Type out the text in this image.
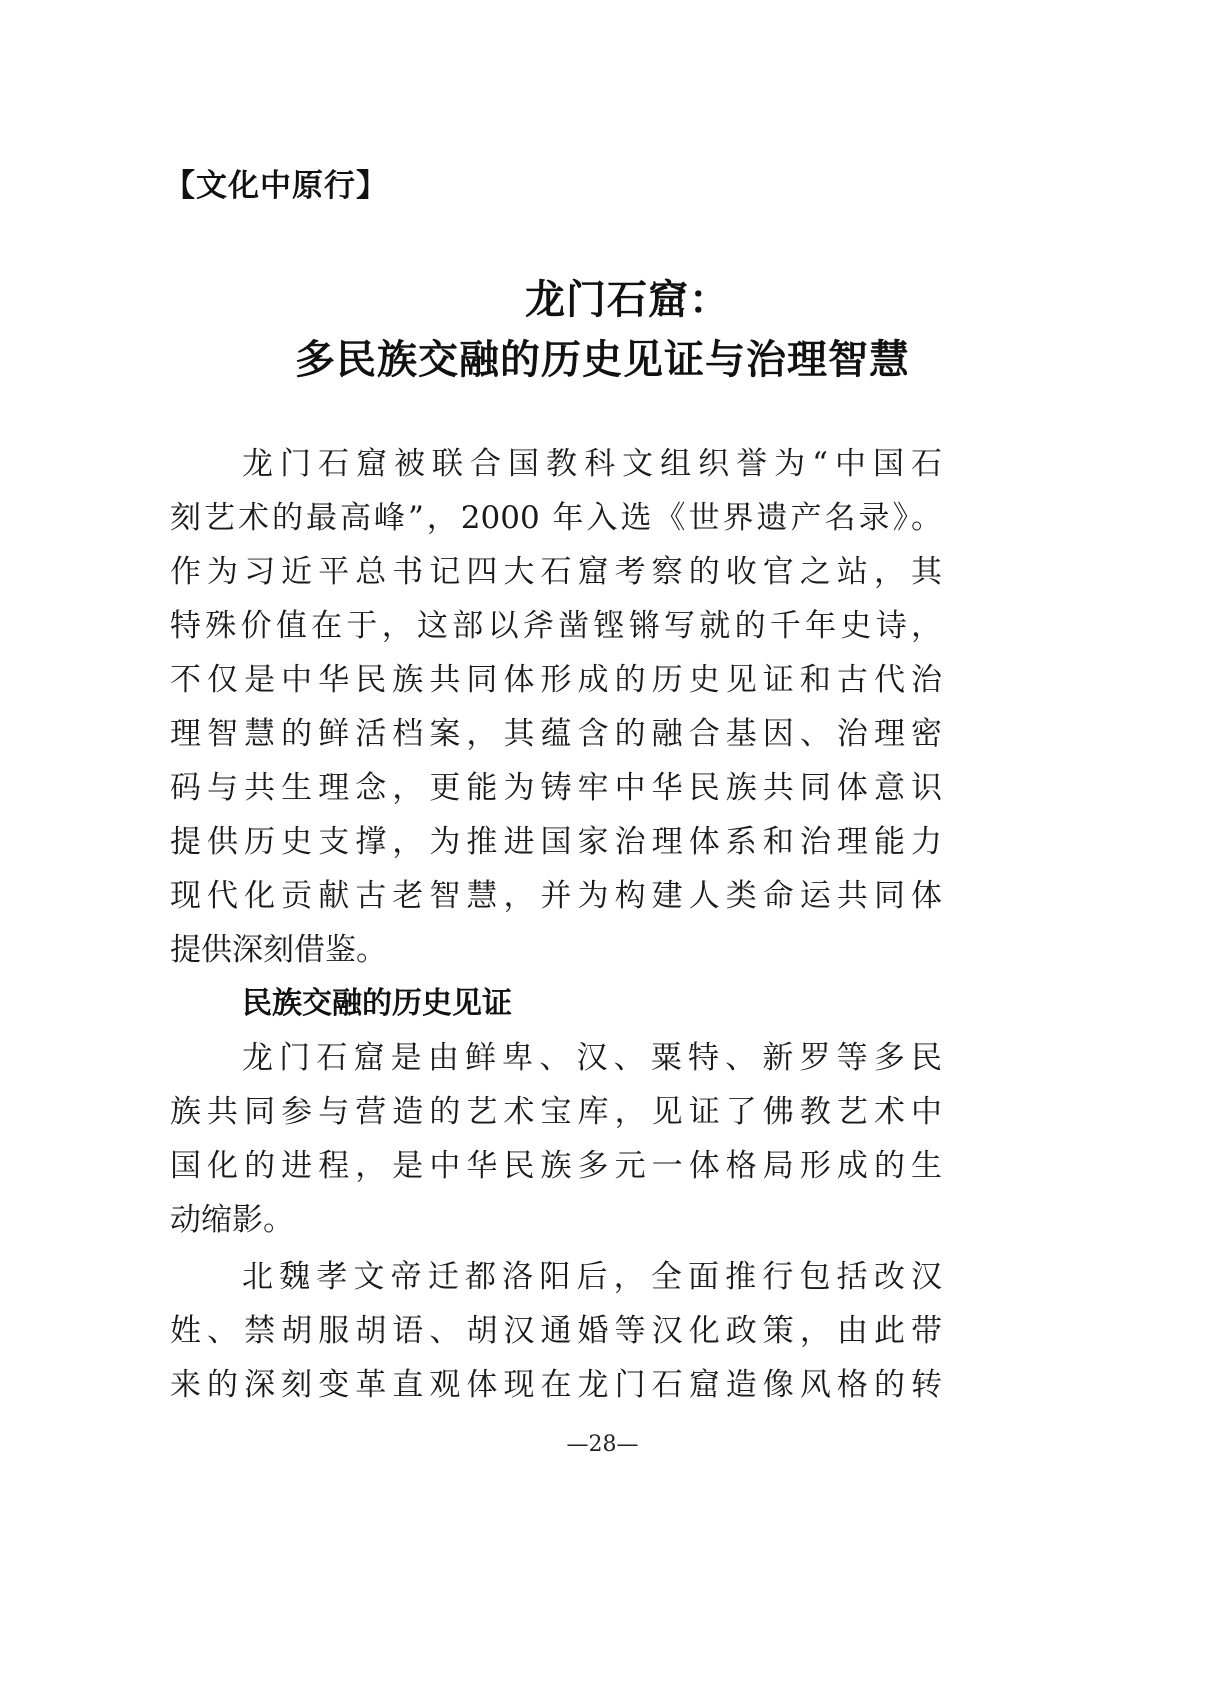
【文化中原行】
龙门石窟：
多民族交融的历史见证与治理智慧
龙门石窟被联合国教科文组织誉为“中国石
刻艺术的最高峰”，2000 年入选《世界遗产名录》。
作为习近平总书记四大石窟考察的收官之站，其
特殊价值在于，这部以斧凿铿锵写就的千年史诗，
不仅是中华民族共同体形成的历史见证和古代治
理智慧的鲜活档案，其蕴含的融合基因、治理密
码与共生理念，更能为铸牢中华民族共同体意识
提供历史支撑，为推进国家治理体系和治理能力
现代化贡献古老智慧，并为构建人类命运共同体
提供深刻借鉴。
民族交融的历史见证
龙门石窟是由鲜卑、汉、粟特、新罗等多民
族共同参与营造的艺术宝库，见证了佛教艺术中
国化的进程，是中华民族多元一体格局形成的生
动缩影。
北魏孝文帝迁都洛阳后，全面推行包括改汉
姓、禁胡服胡语、胡汉通婚等汉化政策，由此带
来的深刻变革直观体现在龙门石窟造像风格的转
—28—
